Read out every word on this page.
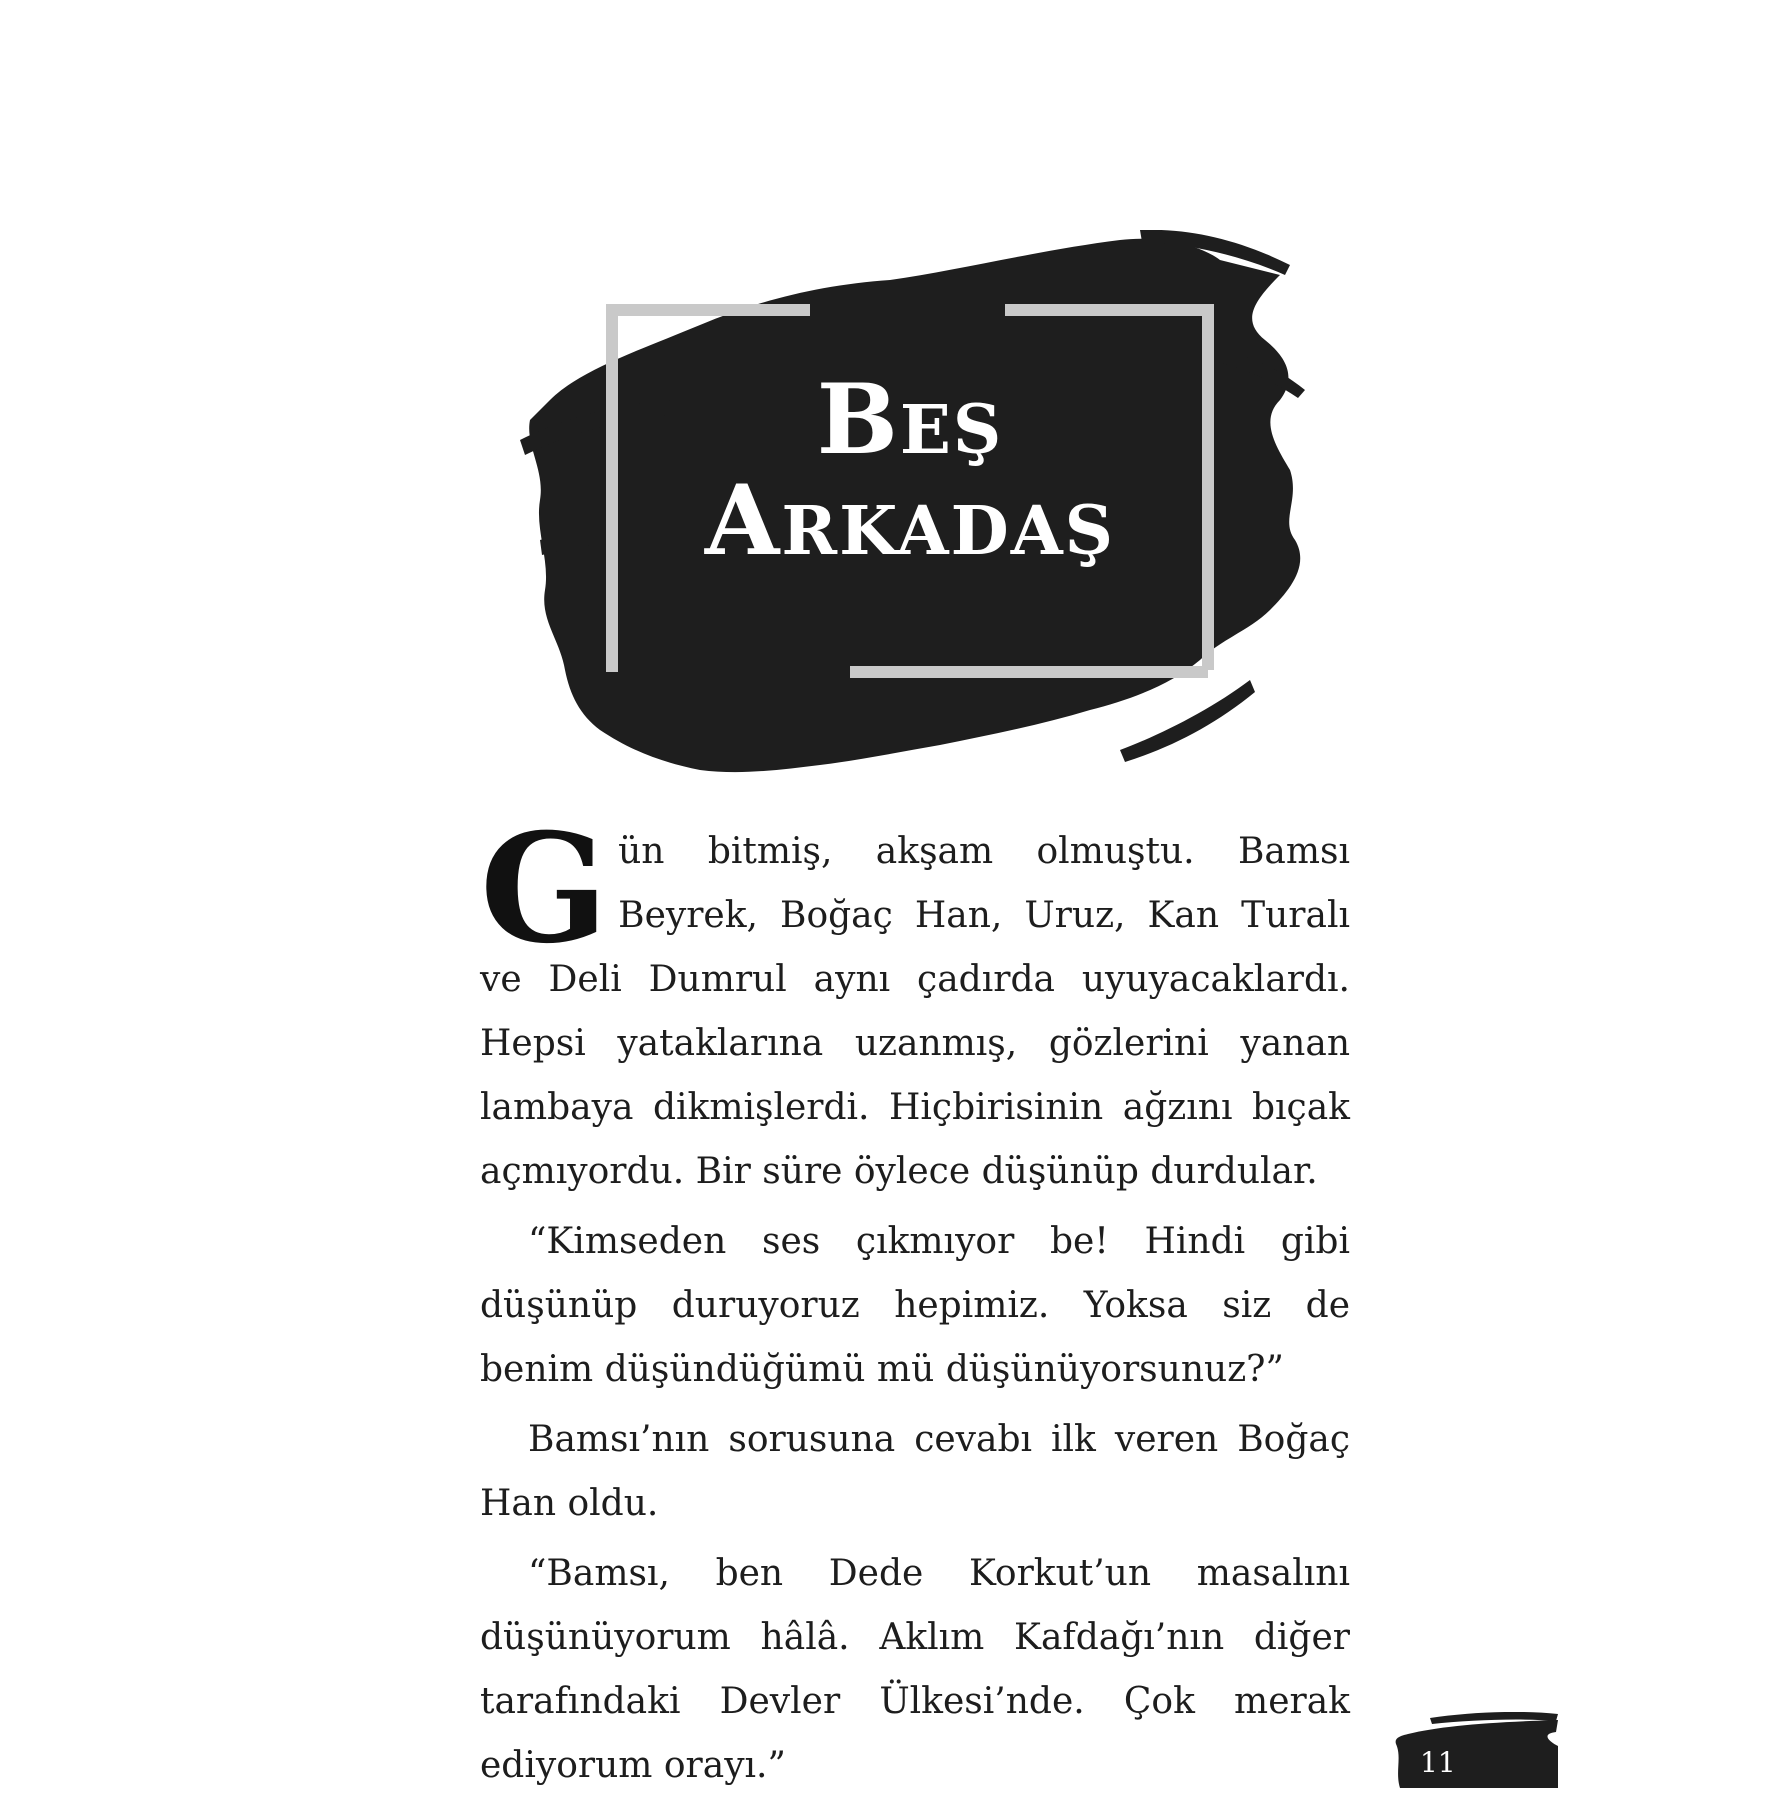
Beş
Arkadaş

Gün bitmiş, akşam olmuştu. Bamsı Beyrek, Boğaç Han, Uruz, Kan Turalı ve Deli Dumrul aynı çadırda uyuyacaklardı. Hepsi yataklarına uzanmış, gözlerini yanan lambaya dikmişlerdi. Hiçbirisinin ağzını bıçak açmıyordu. Bir süre öylece düşünüp durdular.

“Kimseden ses çıkmıyor be! Hindi gibi düşünüp duruyoruz hepimiz. Yoksa siz de benim düşündüğümü mü düşünüyorsunuz?”

Bamsı’nın sorusuna cevabı ilk veren Boğaç Han oldu.

“Bamsı, ben Dede Korkut’un masalını düşünüyorum hâlâ. Aklım Kafdağı’nın diğer tarafındaki Devler Ülkesi’nde. Çok merak ediyorum orayı.”	11
